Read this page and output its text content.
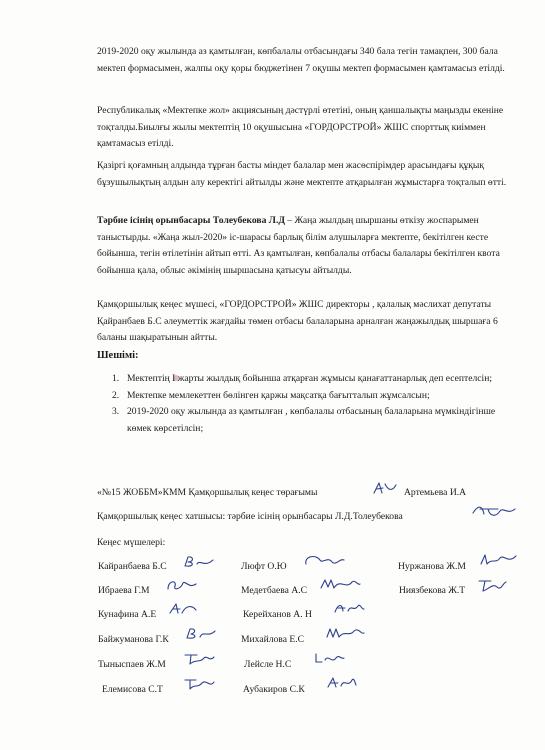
2019-2020 оқу жылында аз қамтылған, көпбалалы отбасындағы 340 бала тегін тамақпен, 300 бала мектеп формасымен, жалпы оқу қоры бюджетінен 7 оқушы мектеп формасымен қамтамасыз етілді.

Республикалық «Мектепке жол» акциясының дәстүрлі өтетіні, оның қаншалықты маңызды екеніне тоқталды.Биылғы жылы мектептің 10 оқушысына «ГОРДОРСТРОЙ» ЖШС спорттық киіммен қамтамасыз етілді.

Қазіргі қоғамның алдында тұрған басты міндет балалар мен жасөспірімдер арасындағы құқық бұзушылықтың алдын алу керектігі айтылды және мектепте атқарылған жұмыстарға тоқталып өтті.

Тәрбие ісінің орынбасары Толеубекова Л.Д – Жаңа жылдың шыршаны өткізу жоспарымен таныстырды. «Жаңа жыл-2020» іс-шарасы барлық білім алушыларға мектепте, бекітілген кесте бойынша, тегін өтілетінін айтып өтті. Аз қамтылған, көпбалалы отбасы балалары бекітілген квота бойынша қала, облыс әкімінің шыршасына қатысуы айтылды.

Қамқоршылық кеңес мүшесі, «ГОРДОРСТРОЙ» ЖШС директоры , қалалық мәслихат депутаты Қайранбаев Б.С әлеуметтік жағдайы төмен отбасы балаларына арналған жаңажылдық шыршаға 6 баланы шақыратынын айтты.

Шешімі:
1. Мектептің І жарты жылдық бойынша атқарған жұмысы қанағаттанарлық деп есептелсін;
2. Мектепке мемлекеттен бөлінген қаржы мақсатқа бағытталып жұмсалсын;
3. 2019-2020 оқу жылында аз қамтылған , көпбалалы отбасының балаларына мүмкіндігінше көмек көрсетілсін;
«№15 ЖОББМ»КММ Қамқоршылық кеңес төрағымы	Артемьева И.А
Қамқоршылық кеңес хатшысы: тәрбие ісінің орынбасары Л.Д.Толеубекова
Кеңес мүшелері:
Кайранбаева Б.С	Люфт О.Ю	Нуржанова Ж.М
Ибраева Г.М	Медетбаева А.С	Ниязбекова Ж.Т
Кунафина А.Е	Керейханов А. Н
Байжуманова Г.К	Михайлова Е.С
Тыныспаев Ж.М	Лейсле Н.С
Елемисова С.Т	Аубакиров С.К
